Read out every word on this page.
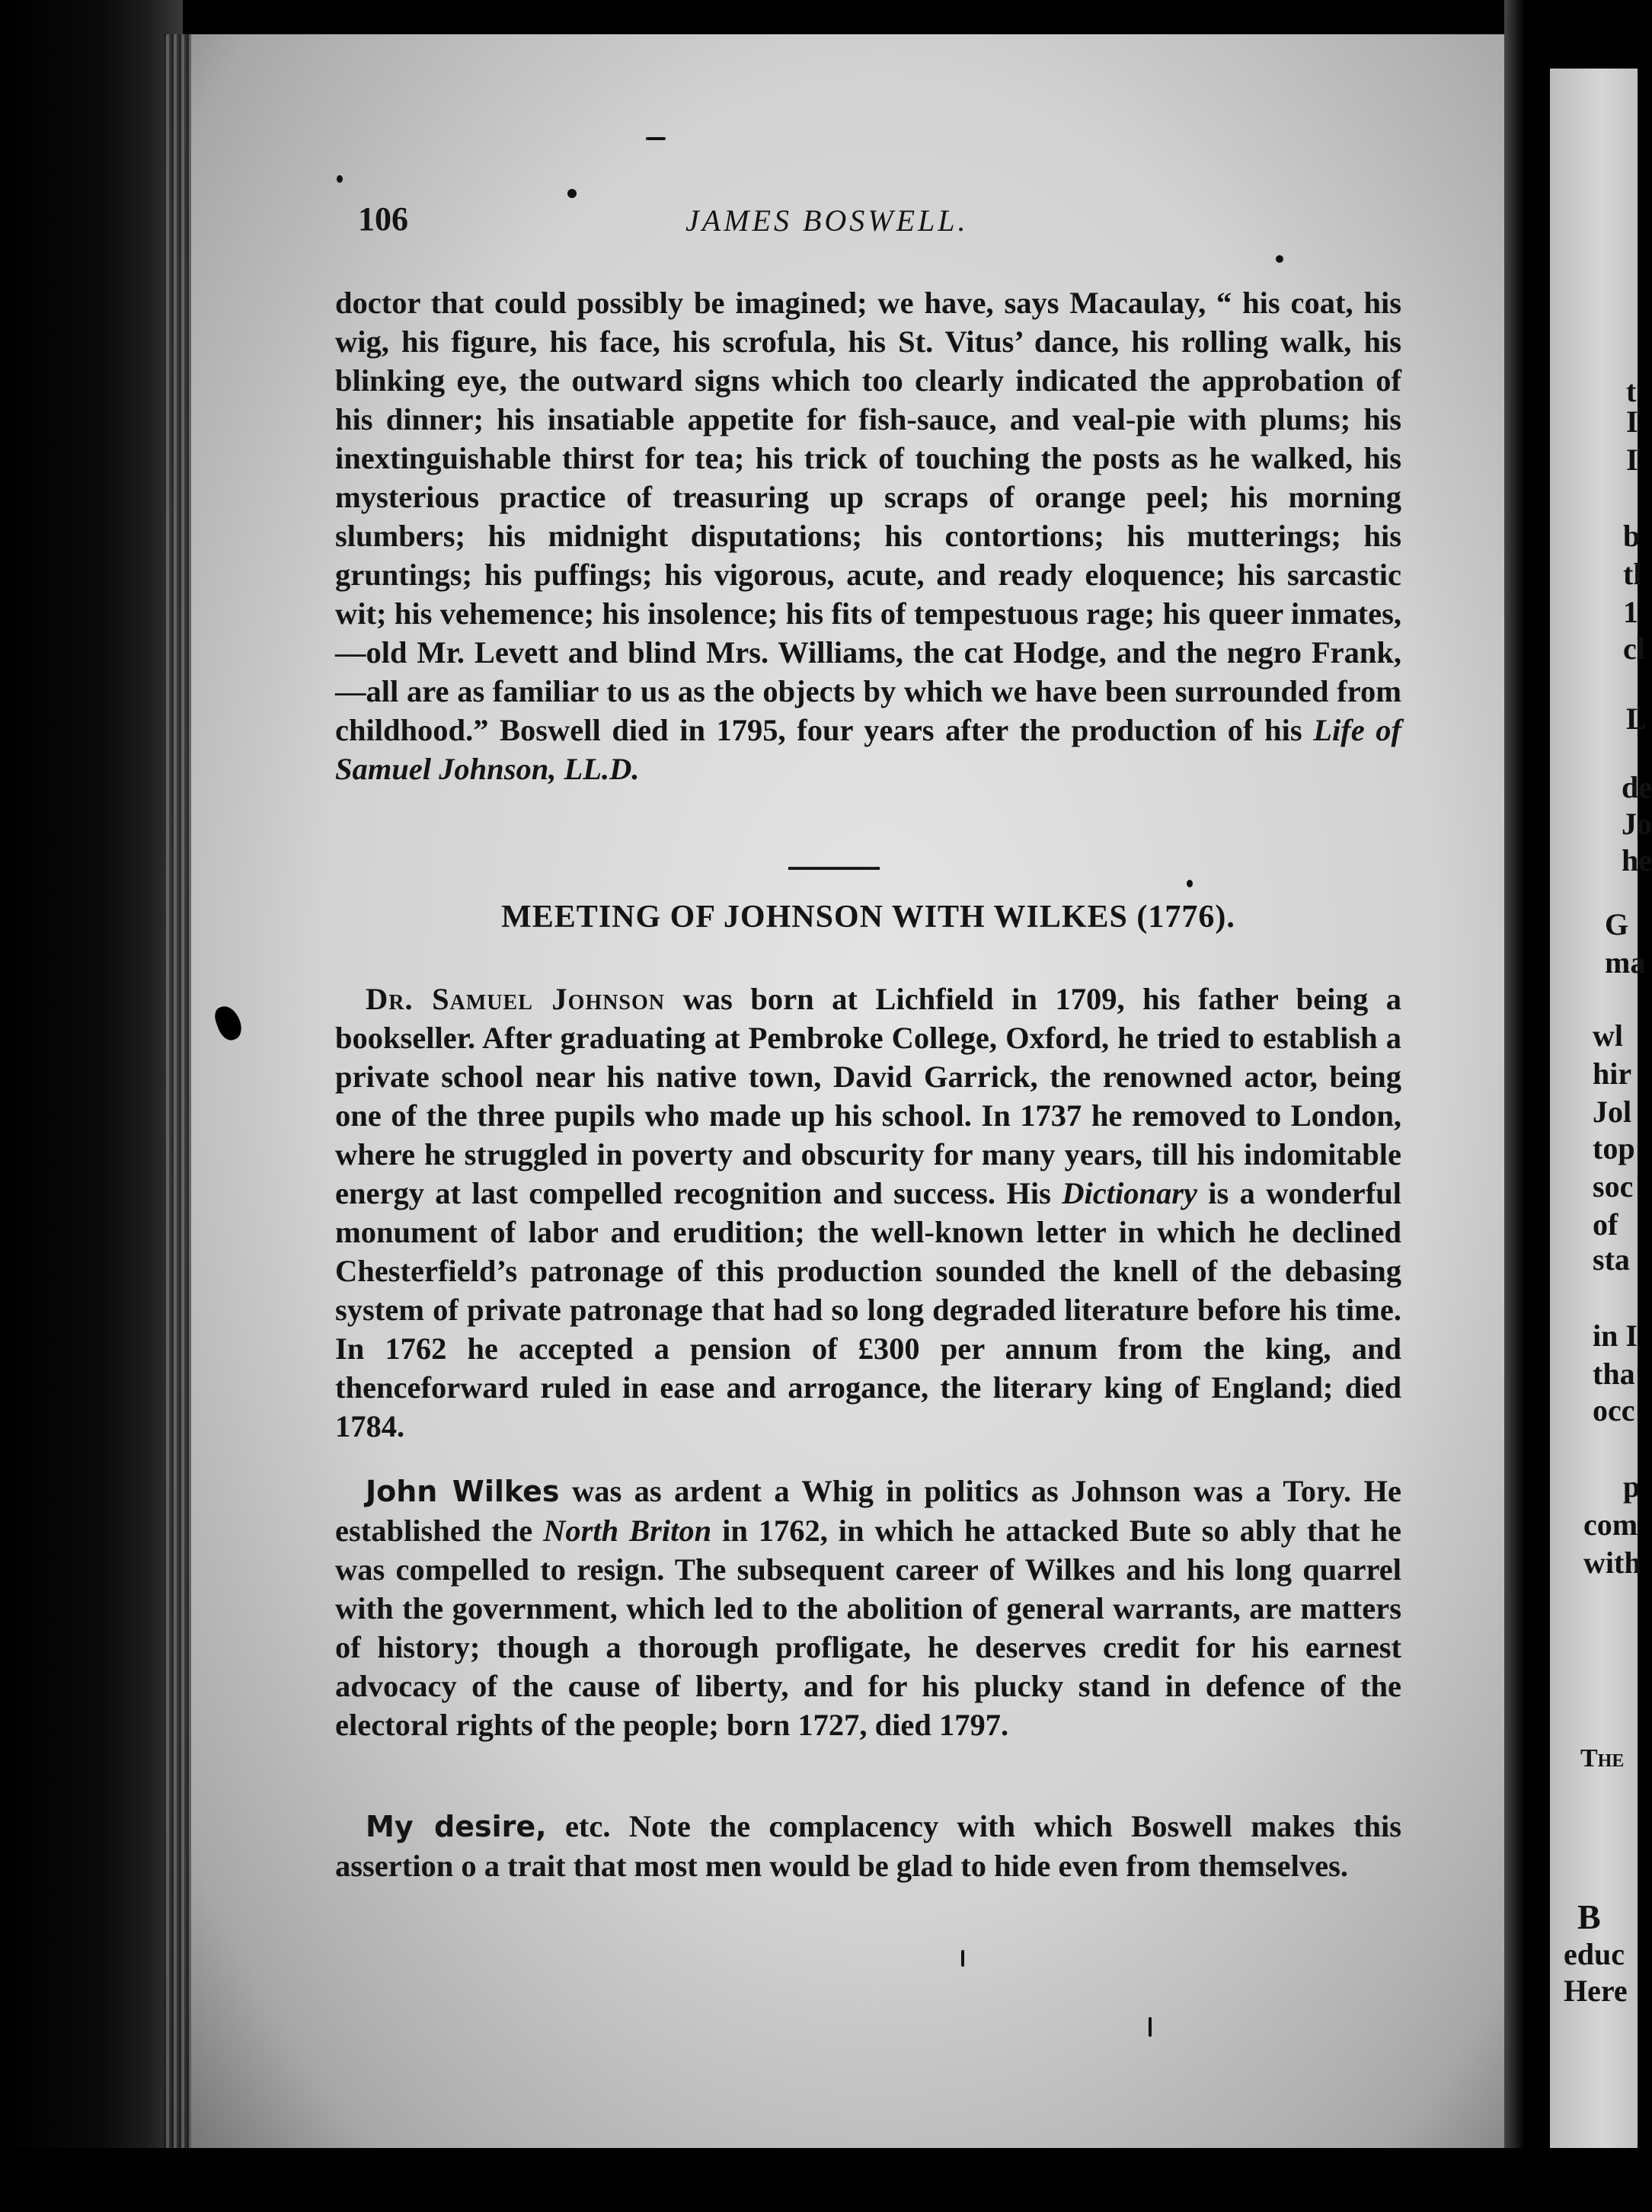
106	JAMES BOSWELL.
doctor that could possibly be imagined; we have, says Macaulay, “ his coat, his wig, his figure, his face, his scrofula, his St. Vitus’ dance, his rolling walk, his blinking eye, the outward signs which too clearly indicated the approbation of his dinner; his insatiable appetite for fish-sauce, and veal-pie with plums; his inextinguishable thirst for tea; his trick of touching the posts as he walked, his mysterious practice of treasuring up scraps of orange peel; his morning slumbers; his midnight disputations; his contortions; his mutterings; his gruntings; his puffings; his vigorous, acute, and ready eloquence; his sarcastic wit; his vehemence; his insolence; his fits of tempestuous rage; his queer inmates,—old Mr. Levett and blind Mrs. Williams, the cat Hodge, and the negro Frank,—all are as familiar to us as the objects by which we have been surrounded from childhood.” Boswell died in 1795, four years after the production of his Life of Samuel Johnson, LL.D.
MEETING OF JOHNSON WITH WILKES (1776).
Dr. Samuel Johnson was born at Lichfield in 1709, his father being a bookseller. After graduating at Pembroke College, Oxford, he tried to establish a private school near his native town, David Garrick, the renowned actor, being one of the three pupils who made up his school. In 1737 he removed to London, where he struggled in poverty and obscurity for many years, till his indomitable energy at last compelled recognition and success. His Dictionary is a wonderful monument of labor and erudition; the well-known letter in which he declined Chesterfield’s patronage of this production sounded the knell of the debasing system of private patronage that had so long degraded literature before his time. In 1762 he accepted a pension of £300 per annum from the king, and thenceforward ruled in ease and arrogance, the literary king of England; died 1784.
John Wilkes was as ardent a Whig in politics as Johnson was a Tory. He established the North Briton in 1762, in which he attacked Bute so ably that he was compelled to resign. The subsequent career of Wilkes and his long quarrel with the government, which led to the abolition of general warrants, are matters of history; though a thorough profligate, he deserves credit for his earnest advocacy of the cause of liberty, and for his plucky stand in defence of the electoral rights of the people; born 1727, died 1797.
My desire, etc. Note the complacency with which Boswell makes this assertion o a trait that most men would be glad to hide even from themselves.
t
I
I
b
tl
1
cl
L
de
Jo
he
G
ma
wl
hir
Jol
top
soc
of
sta
in I
tha
occ
p
com
with
The
B
educ
Here
